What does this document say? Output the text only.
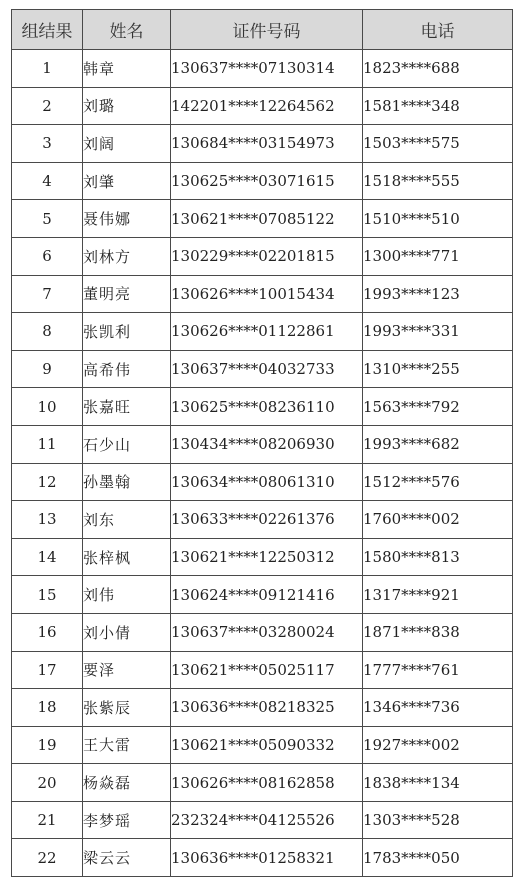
组结果	姓名	证件号码	电话
1	韩章	130637****07130314	1823****688
2	刘璐	142201****12264562	1581****348
3	刘阔	130684****03154973	1503****575
4	刘肇	130625****03071615	1518****555
5	聂伟娜	130621****07085122	1510****510
6	刘林方	130229****02201815	1300****771
7	董明亮	130626****10015434	1993****123
8	张凯利	130626****01122861	1993****331
9	高希伟	130637****04032733	1310****255
10	张嘉旺	130625****08236110	1563****792
11	石少山	130434****08206930	1993****682
12	孙墨翰	130634****08061310	1512****576
13	刘东	130633****02261376	1760****002
14	张梓枫	130621****12250312	1580****813
15	刘伟	130624****09121416	1317****921
16	刘小倩	130637****03280024	1871****838
17	要泽	130621****05025117	1777****761
18	张紫辰	130636****08218325	1346****736
19	王大雷	130621****05090332	1927****002
20	杨焱磊	130626****08162858	1838****134
21	李梦瑶	232324****04125526	1303****528
22	梁云云	130636****01258321	1783****050
